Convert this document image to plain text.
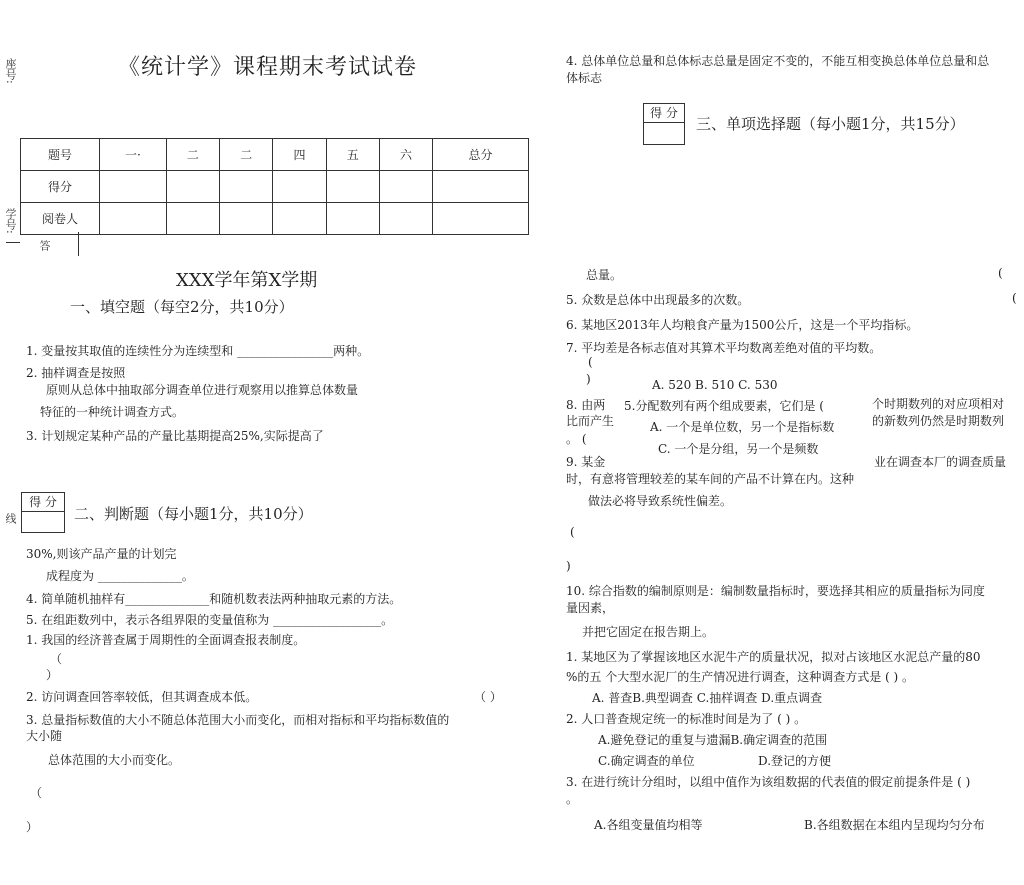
座号:
学号:
答
线
《统计学》课程期末考试试卷
题号	一·	二	二	四	五	六	总分
得分							
阅卷人							
XXX学年第X学期
一、填空题（每空2分，共10分）
1. 变量按其取值的连续性分为连续型和 ________________两种。
2. 抽样调查是按照
原则从总体中抽取部分调查单位进行观察用以推算总体数量
特征的一种统计调查方式。
3. 计划规定某种产品的产量比基期提高25%,实际提高了
得 分
二、判断题（每小题1分，共10分）
30%,则该产品产量的计划完
成程度为 ______________。
4. 简单随机抽样有______________和随机数表法两种抽取元素的方法。
5. 在组距数列中，表示各组界限的变量值称为 __________________。
1. 我国的经济普查属于周期性的全面调查报表制度。
（
）
2. 访问调查回答率较低，但其调查成本低。	（ ）
3. 总量指标数值的大小不随总体范围大小而变化，而相对指标和平均指标数值的
大小随
总体范围的大小而变化。
（
）
4. 总体单位总量和总体标志总量是固定不变的，不能互相变换总体单位总量和总
体标志
得 分
三、单项选择题（每小题1分，共15分）
总量。	(
5. 众数是总体中出现最多的次数。	(
6. 某地区2013年人均粮食产量为1500公斤，这是一个平均指标。
7. 平均差是各标志值对其算术平均数离差绝对值的平均数。
(
)	A. 520 B. 510 C. 530
8. 由两 5.分配数列有两个组成要素，它们是 (	个时期数列的对应项相对
比而产生	A. 一个是单位数，另一个是指标数	的新数列仍然是时期数列
。 (
C. 一个是分组，另一个是频数
9. 某金	业在调查本厂的调查质量
时，有意将管理较差的某车间的产品不计算在内。这种
做法必将导致系统性偏差。
(
)
10. 综合指数的编制原则是：编制数量指标时，要选择其相应的质量指标为同度
量因素，
并把它固定在报告期上。
1. 某地区为了掌握该地区水泥牛产的质量状况，拟对占该地区水泥总产量的80
%的五 个大型水泥厂的生产情况进行调查，这种调查方式是 ( ) 。
A. 普查B.典型调查 C.抽样调查 D.重点调查
2. 人口普查规定统一的标准时间是为了 ( ) 。
A.避免登记的重复与遗漏B.确定调查的范围
C.确定调查的单位	D.登记的方便
3. 在进行统计分组时，以组中值作为该组数据的代表值的假定前提条件是 ( )
。
A.各组变量值均相等	B.各组数据在本组内呈现均匀分布
